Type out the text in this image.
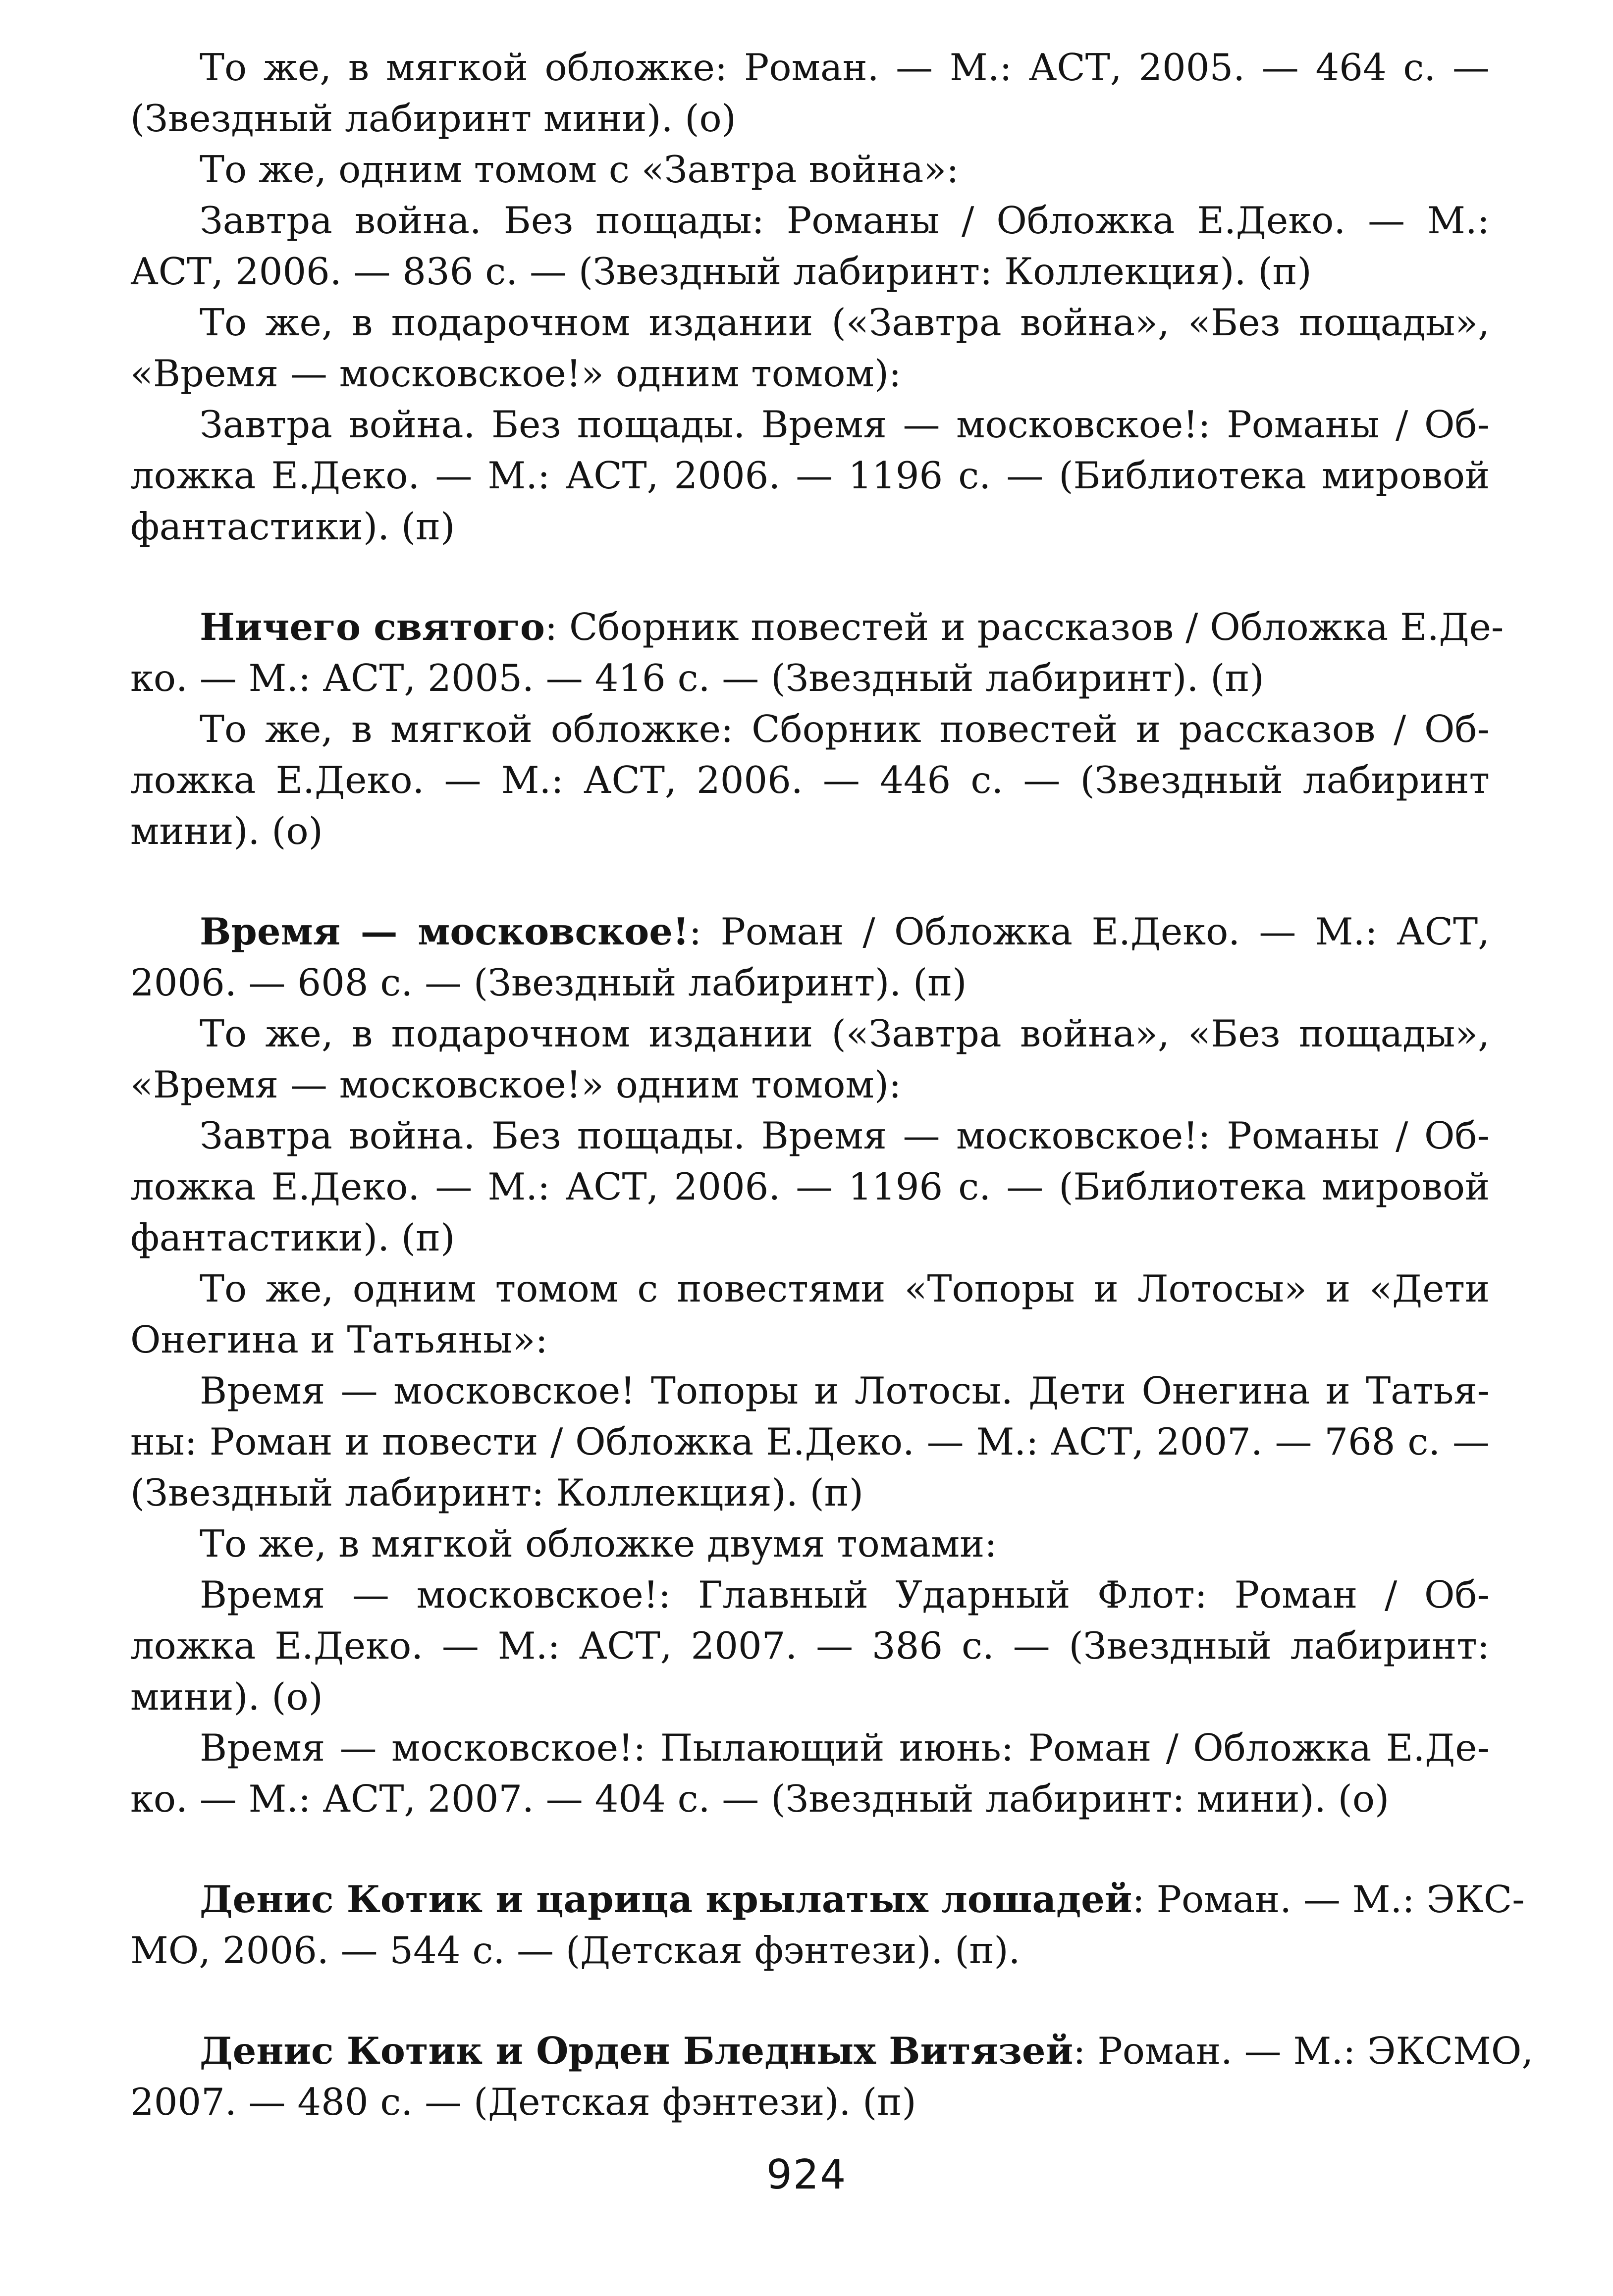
То же, в мягкой обложке: Роман. — М.: АСТ, 2005. — 464 с. —
(Звездный лабиринт мини). (о)
То же, одним томом с «Завтра война»:
Завтра война. Без пощады: Романы / Обложка Е.Деко. — М.:
АСТ, 2006. — 836 с. — (Звездный лабиринт: Коллекция). (п)
То же, в подарочном издании («Завтра война», «Без пощады»,
«Время — московское!» одним томом):
Завтра война. Без пощады. Время — московское!: Романы / Об-
ложка Е.Деко. — М.: АСТ, 2006. — 1196 с. — (Библиотека мировой
фантастики). (п)
Ничего святого: Сборник повестей и рассказов / Обложка Е.Де-
ко. — М.: АСТ, 2005. — 416 с. — (Звездный лабиринт). (п)
То же, в мягкой обложке: Сборник повестей и рассказов / Об-
ложка Е.Деко. — М.: АСТ, 2006. — 446 с. — (Звездный лабиринт
мини). (о)
Время — московское!: Роман / Обложка Е.Деко. — М.: АСТ,
2006. — 608 с. — (Звездный лабиринт). (п)
То же, в подарочном издании («Завтра война», «Без пощады»,
«Время — московское!» одним томом):
Завтра война. Без пощады. Время — московское!: Романы / Об-
ложка Е.Деко. — М.: АСТ, 2006. — 1196 с. — (Библиотека мировой
фантастики). (п)
То же, одним томом с повестями «Топоры и Лотосы» и «Дети
Онегина и Татьяны»:
Время — московское! Топоры и Лотосы. Дети Онегина и Татья-
ны: Роман и повести / Обложка Е.Деко. — М.: АСТ, 2007. — 768 с. —
(Звездный лабиринт: Коллекция). (п)
То же, в мягкой обложке двумя томами:
Время — московское!: Главный Ударный Флот: Роман / Об-
ложка Е.Деко. — М.: АСТ, 2007. — 386 с. — (Звездный лабиринт:
мини). (о)
Время — московское!: Пылающий июнь: Роман / Обложка Е.Де-
ко. — М.: АСТ, 2007. — 404 с. — (Звездный лабиринт: мини). (о)
Денис Котик и царица крылатых лошадей: Роман. — М.: ЭКС-
МО, 2006. — 544 с. — (Детская фэнтези). (п).
Денис Котик и Орден Бледных Витязей: Роман. — М.: ЭКСМО,
2007. — 480 с. — (Детская фэнтези). (п)
924
